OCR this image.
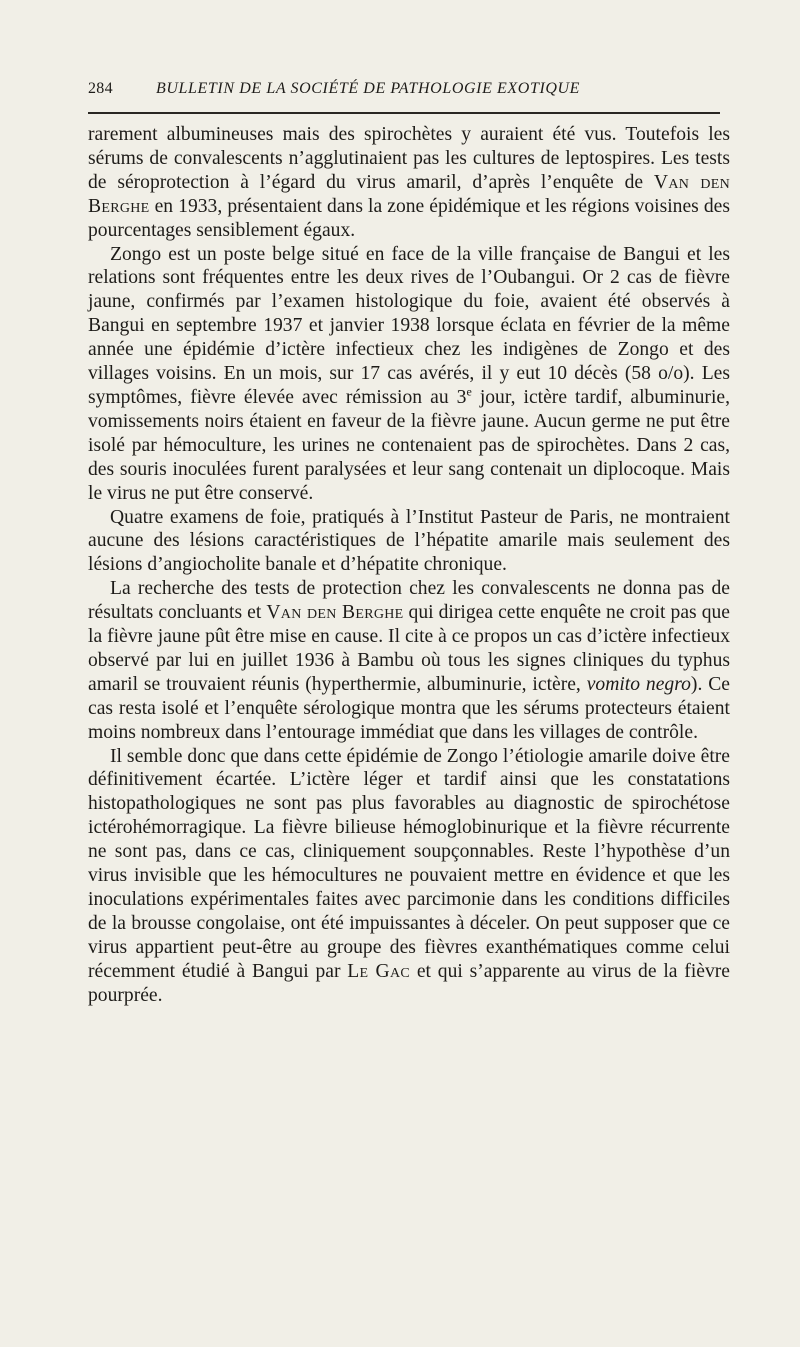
284	BULLETIN DE LA SOCIÉTÉ DE PATHOLOGIE EXOTIQUE

rarement albumineuses mais des spirochètes y auraient été vus. Toutefois les sérums de convalescents n’agglutinaient pas les cultures de leptospires. Les tests de séroprotection à l’égard du virus amaril, d’après l’enquête de Van den Berghe en 1933, présentaient dans la zone épidémique et les régions voisines des pourcentages sensiblement égaux.

Zongo est un poste belge situé en face de la ville française de Bangui et les relations sont fréquentes entre les deux rives de l’Oubangui. Or 2 cas de fièvre jaune, confirmés par l’examen histologique du foie, avaient été observés à Bangui en septembre 1937 et janvier 1938 lorsque éclata en février de la même année une épidémie d’ictère infectieux chez les indigènes de Zongo et des villages voisins. En un mois, sur 17 cas avérés, il y eut 10 décès (58 o/o). Les symptômes, fièvre élevée avec rémission au 3e jour, ictère tardif, albuminurie, vomissements noirs étaient en faveur de la fièvre jaune. Aucun germe ne put être isolé par hémoculture, les urines ne contenaient pas de spirochètes. Dans 2 cas, des souris inoculées furent paralysées et leur sang contenait un diplocoque. Mais le virus ne put être conservé.

Quatre examens de foie, pratiqués à l’Institut Pasteur de Paris, ne montraient aucune des lésions caractéristiques de l’hépatite amarile mais seulement des lésions d’angiocholite banale et d’hépatite chronique.

La recherche des tests de protection chez les convalescents ne donna pas de résultats concluants et Van den Berghe qui dirigea cette enquête ne croit pas que la fièvre jaune pût être mise en cause. Il cite à ce propos un cas d’ictère infectieux observé par lui en juillet 1936 à Bambu où tous les signes cliniques du typhus amaril se trouvaient réunis (hyperthermie, albuminurie, ictère, vomito negro). Ce cas resta isolé et l’enquête sérologique montra que les sérums protecteurs étaient moins nombreux dans l’entourage immédiat que dans les villages de contrôle.

Il semble donc que dans cette épidémie de Zongo l’étiologie amarile doive être définitivement écartée. L’ictère léger et tardif ainsi que les constatations histopathologiques ne sont pas plus favorables au diagnostic de spirochétose ictérohémorragique. La fièvre bilieuse hémoglobinurique et la fièvre récurrente ne sont pas, dans ce cas, cliniquement soupçonnables. Reste l’hypothèse d’un virus invisible que les hémocultures ne pouvaient mettre en évidence et que les inoculations expérimentales faites avec parcimonie dans les conditions difficiles de la brousse congolaise, ont été impuissantes à déceler. On peut supposer que ce virus appartient peut-être au groupe des fièvres exanthématiques comme celui récemment étudié à Bangui par Le Gac et qui s’apparente au virus de la fièvre pourprée.
